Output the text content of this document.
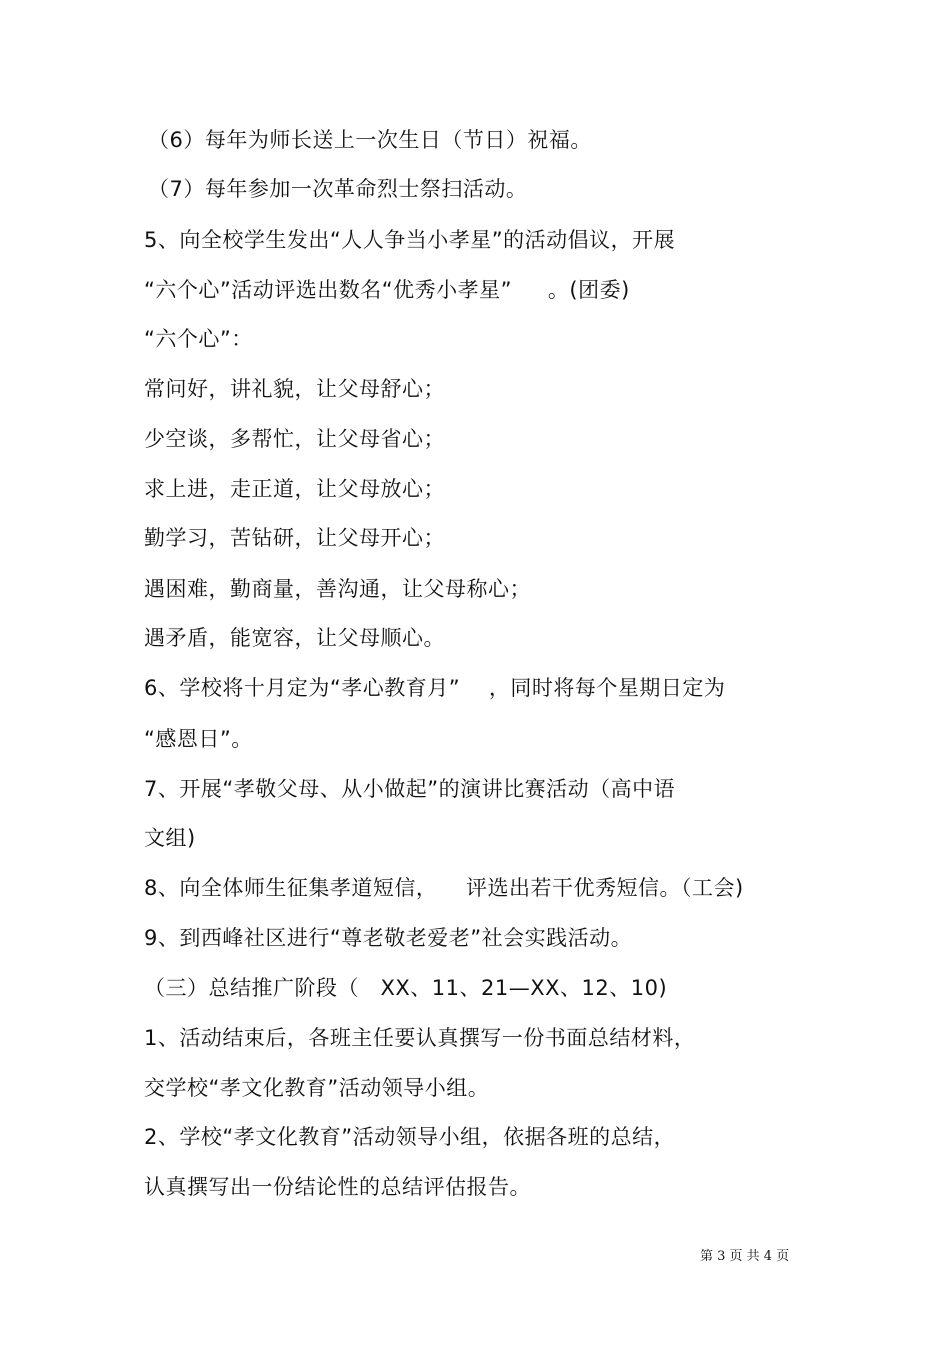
（6）每年为师长送上一次生日（节日）祝福。
（7）每年参加一次革命烈士祭扫活动。
5、向全校学生发出“人人争当小孝星”的活动倡议，开展
“六个心”活动评选出数名“优秀小孝星”     。(团委)
“六个心”：
常问好，讲礼貌，让父母舒心；
少空谈，多帮忙，让父母省心；
求上进，走正道，让父母放心；
勤学习，苦钻研，让父母开心；
遇困难，勤商量，善沟通，让父母称心；
遇矛盾，能宽容，让父母顺心。
6、学校将十月定为“孝心教育月”    ，同时将每个星期日定为
“感恩日”。
7、开展“孝敬父母、从小做起”的演讲比赛活动（高中语
文组)
8、向全体师生征集孝道短信，    评选出若干优秀短信。（工会)
9、到西峰社区进行“尊老敬老爱老”社会实践活动。
（三）总结推广阶段（   XX、11、21—XX、12、10)
1、活动结束后，各班主任要认真撰写一份书面总结材料，
交学校“孝文化教育”活动领导小组。
2、学校“孝文化教育”活动领导小组，依据各班的总结，
认真撰写出一份结论性的总结评估报告。
第 3 页 共 4 页
